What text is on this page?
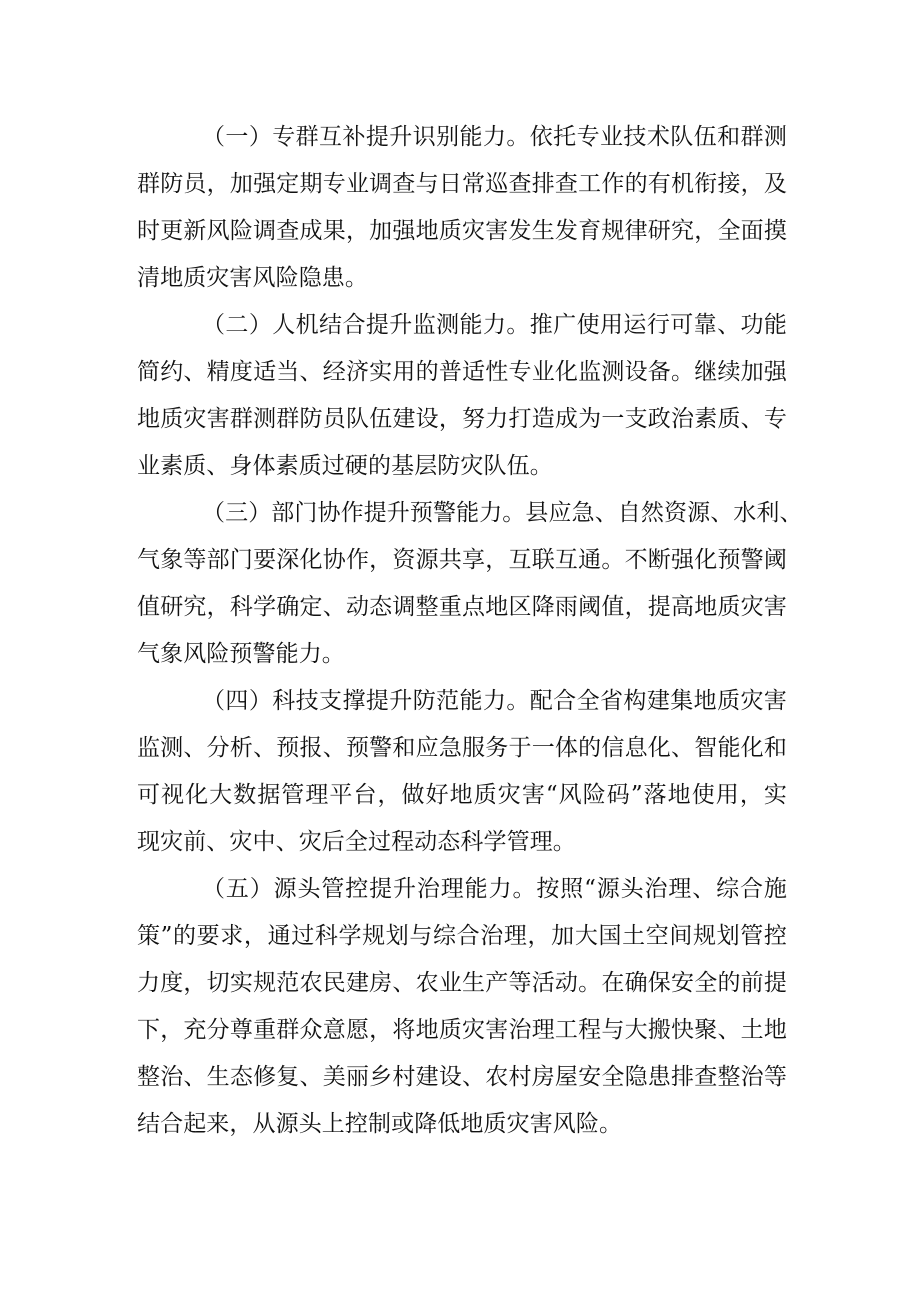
（一）专群互补提升识别能力。依托专业技术队伍和群测
群防员，加强定期专业调查与日常巡查排查工作的有机衔接，及
时更新风险调查成果，加强地质灾害发生发育规律研究，全面摸
清地质灾害风险隐患。
（二）人机结合提升监测能力。推广使用运行可靠、功能
简约、精度适当、经济实用的普适性专业化监测设备。继续加强
地质灾害群测群防员队伍建设，努力打造成为一支政治素质、专
业素质、身体素质过硬的基层防灾队伍。
（三）部门协作提升预警能力。县应急、自然资源、水利、
气象等部门要深化协作，资源共享，互联互通。不断强化预警阈
值研究，科学确定、动态调整重点地区降雨阈值，提高地质灾害
气象风险预警能力。
（四）科技支撑提升防范能力。配合全省构建集地质灾害
监测、分析、预报、预警和应急服务于一体的信息化、智能化和
可视化大数据管理平台，做好地质灾害“风险码”落地使用，实
现灾前、灾中、灾后全过程动态科学管理。
（五）源头管控提升治理能力。按照“源头治理、综合施
策”的要求，通过科学规划与综合治理，加大国土空间规划管控
力度，切实规范农民建房、农业生产等活动。在确保安全的前提
下，充分尊重群众意愿，将地质灾害治理工程与大搬快聚、土地
整治、生态修复、美丽乡村建设、农村房屋安全隐患排查整治等
结合起来，从源头上控制或降低地质灾害风险。
